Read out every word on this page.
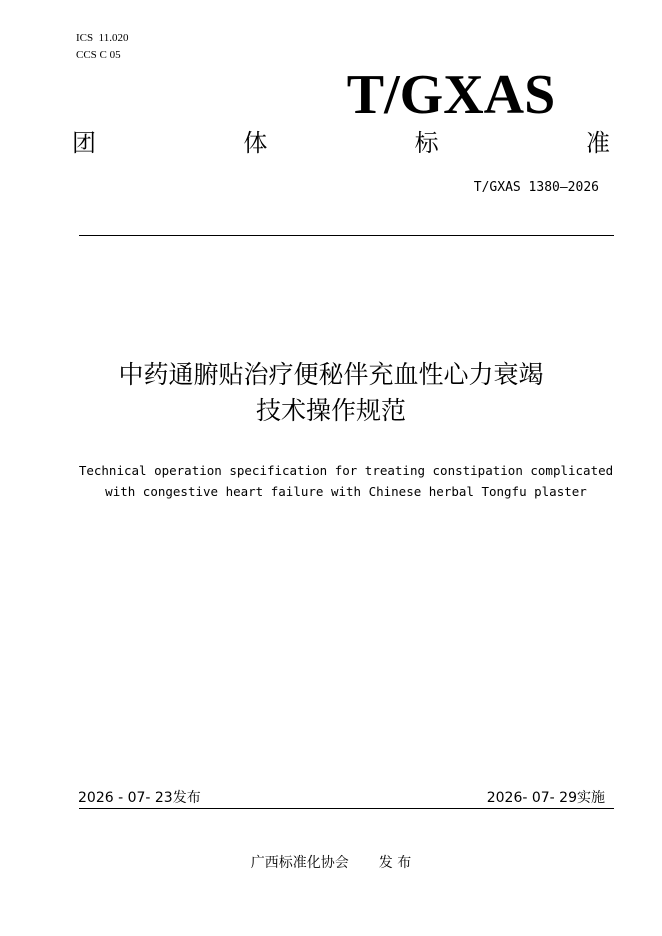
ICS  11.020
CCS C 05
T/GXAS
团	体	标	准
T/GXAS 1380—2026
中药通腑贴治疗便秘伴充血性心力衰竭
技术操作规范
Technical operation specification for treating constipation complicated
with congestive heart failure with Chinese herbal Tongfu plaster
2026 - 07- 23发布	2026- 07- 29实施
广西标准化协会 发 布
